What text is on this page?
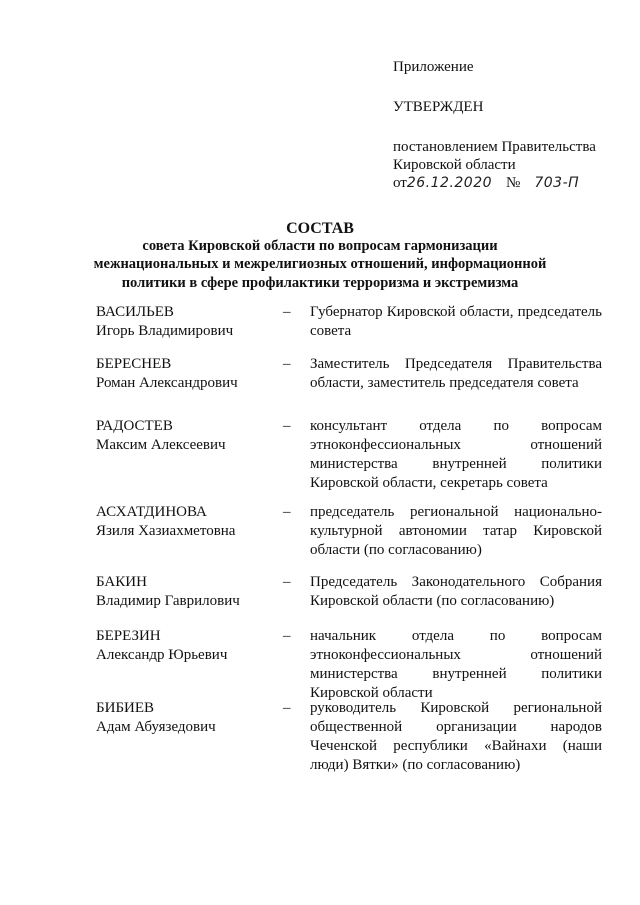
Приложение
УТВЕРЖДЕН
постановлением Правительства
Кировской области
от26.12.2020 № 703-П
СОСТАВ
совета Кировской области по вопросам гармонизации
межнациональных и межрелигиозных отношений, информационной
политики в сфере профилактики терроризма и экстремизма
ВАСИЛЬЕВ
Игорь Владимирович
– Губернатор Кировской области, председатель совета
БЕРЕСНЕВ
Роман Александрович
– Заместитель Председателя Правительства области, заместитель председателя совета
РАДОСТЕВ
Максим Алексеевич
– консультант отдела по вопросам этноконфессиональных отношений министерства внутренней политики Кировской области, секретарь совета
АСХАТДИНОВА
Язиля Хазиахметовна
– председатель региональной национально-культурной автономии татар Кировской области (по согласованию)
БАКИН
Владимир Гаврилович
– Председатель Законодательного Собрания Кировской области (по согласованию)
БЕРЕЗИН
Александр Юрьевич
– начальник отдела по вопросам этноконфессиональных отношений министерства внутренней политики Кировской области
БИБИЕВ
Адам Абуязедович
– руководитель Кировской региональной общественной организации народов Чеченской республики «Вайнахи (наши люди) Вятки» (по согласованию)
